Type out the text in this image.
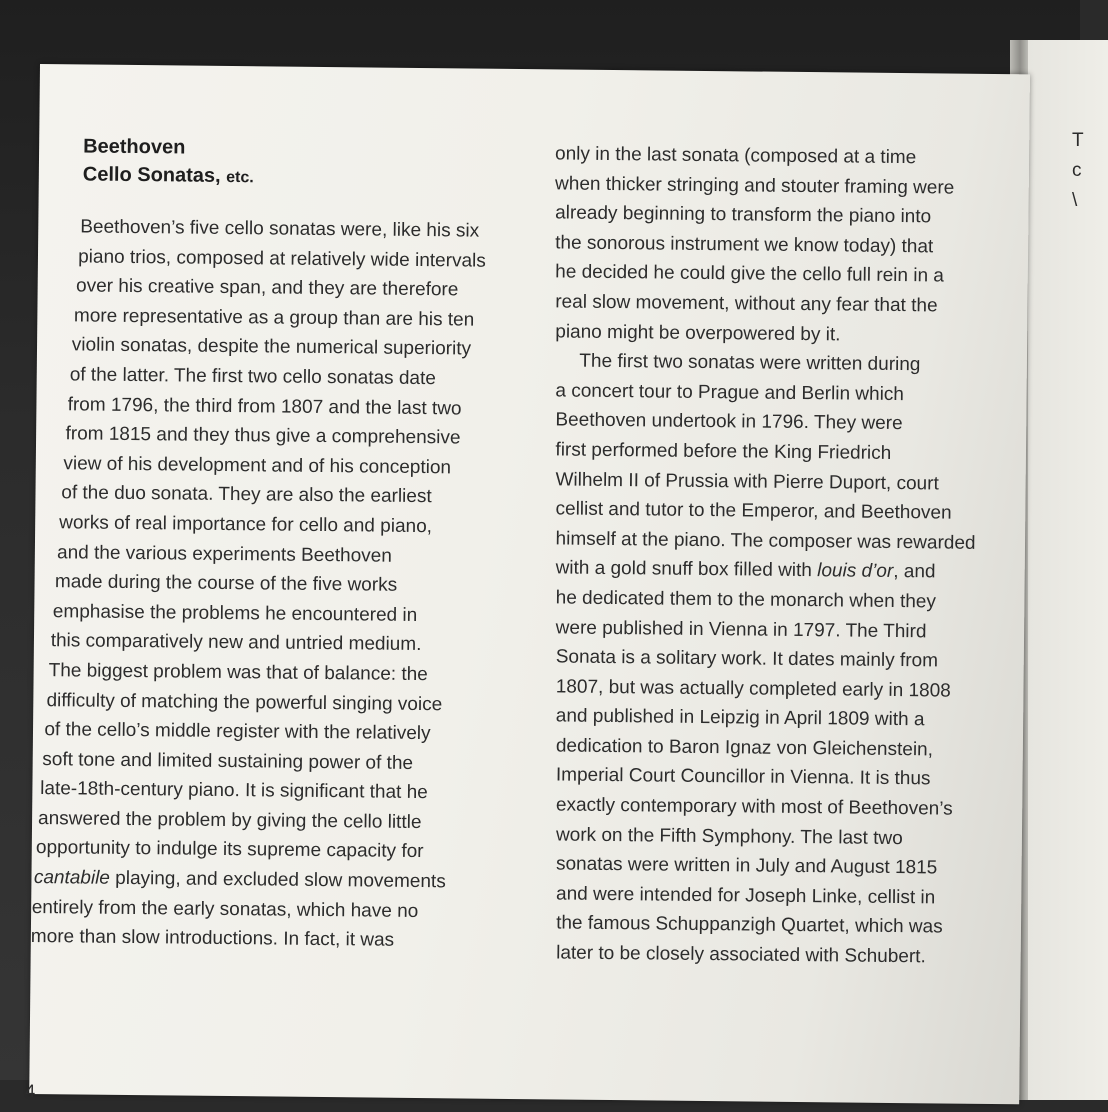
T
c
\
Beethoven
Cello Sonatas, etc.
Beethoven’s five cello sonatas were, like his six
piano trios, composed at relatively wide intervals
over his creative span, and they are therefore
more representative as a group than are his ten
violin sonatas, despite the numerical superiority
of the latter. The first two cello sonatas date
from 1796, the third from 1807 and the last two
from 1815 and they thus give a comprehensive
view of his development and of his conception
of the duo sonata. They are also the earliest
works of real importance for cello and piano,
and the various experiments Beethoven
made during the course of the five works
emphasise the problems he encountered in
this comparatively new and untried medium.
The biggest problem was that of balance: the
difficulty of matching the powerful singing voice
of the cello’s middle register with the relatively
soft tone and limited sustaining power of the
late-18th-century piano. It is significant that he
answered the problem by giving the cello little
opportunity to indulge its supreme capacity for
cantabile playing, and excluded slow movements
entirely from the early sonatas, which have no
more than slow introductions. In fact, it was
only in the last sonata (composed at a time
when thicker stringing and stouter framing were
already beginning to transform the piano into
the sonorous instrument we know today) that
he decided he could give the cello full rein in a
real slow movement, without any fear that the
piano might be overpowered by it.
The first two sonatas were written during
a concert tour to Prague and Berlin which
Beethoven undertook in 1796. They were
first performed before the King Friedrich
Wilhelm II of Prussia with Pierre Duport, court
cellist and tutor to the Emperor, and Beethoven
himself at the piano. The composer was rewarded
with a gold snuff box filled with louis d’or, and
he dedicated them to the monarch when they
were published in Vienna in 1797. The Third
Sonata is a solitary work. It dates mainly from
1807, but was actually completed early in 1808
and published in Leipzig in April 1809 with a
dedication to Baron Ignaz von Gleichenstein,
Imperial Court Councillor in Vienna. It is thus
exactly contemporary with most of Beethoven’s
work on the Fifth Symphony. The last two
sonatas were written in July and August 1815
and were intended for Joseph Linke, cellist in
the famous Schuppanzigh Quartet, which was
later to be closely associated with Schubert.
4
